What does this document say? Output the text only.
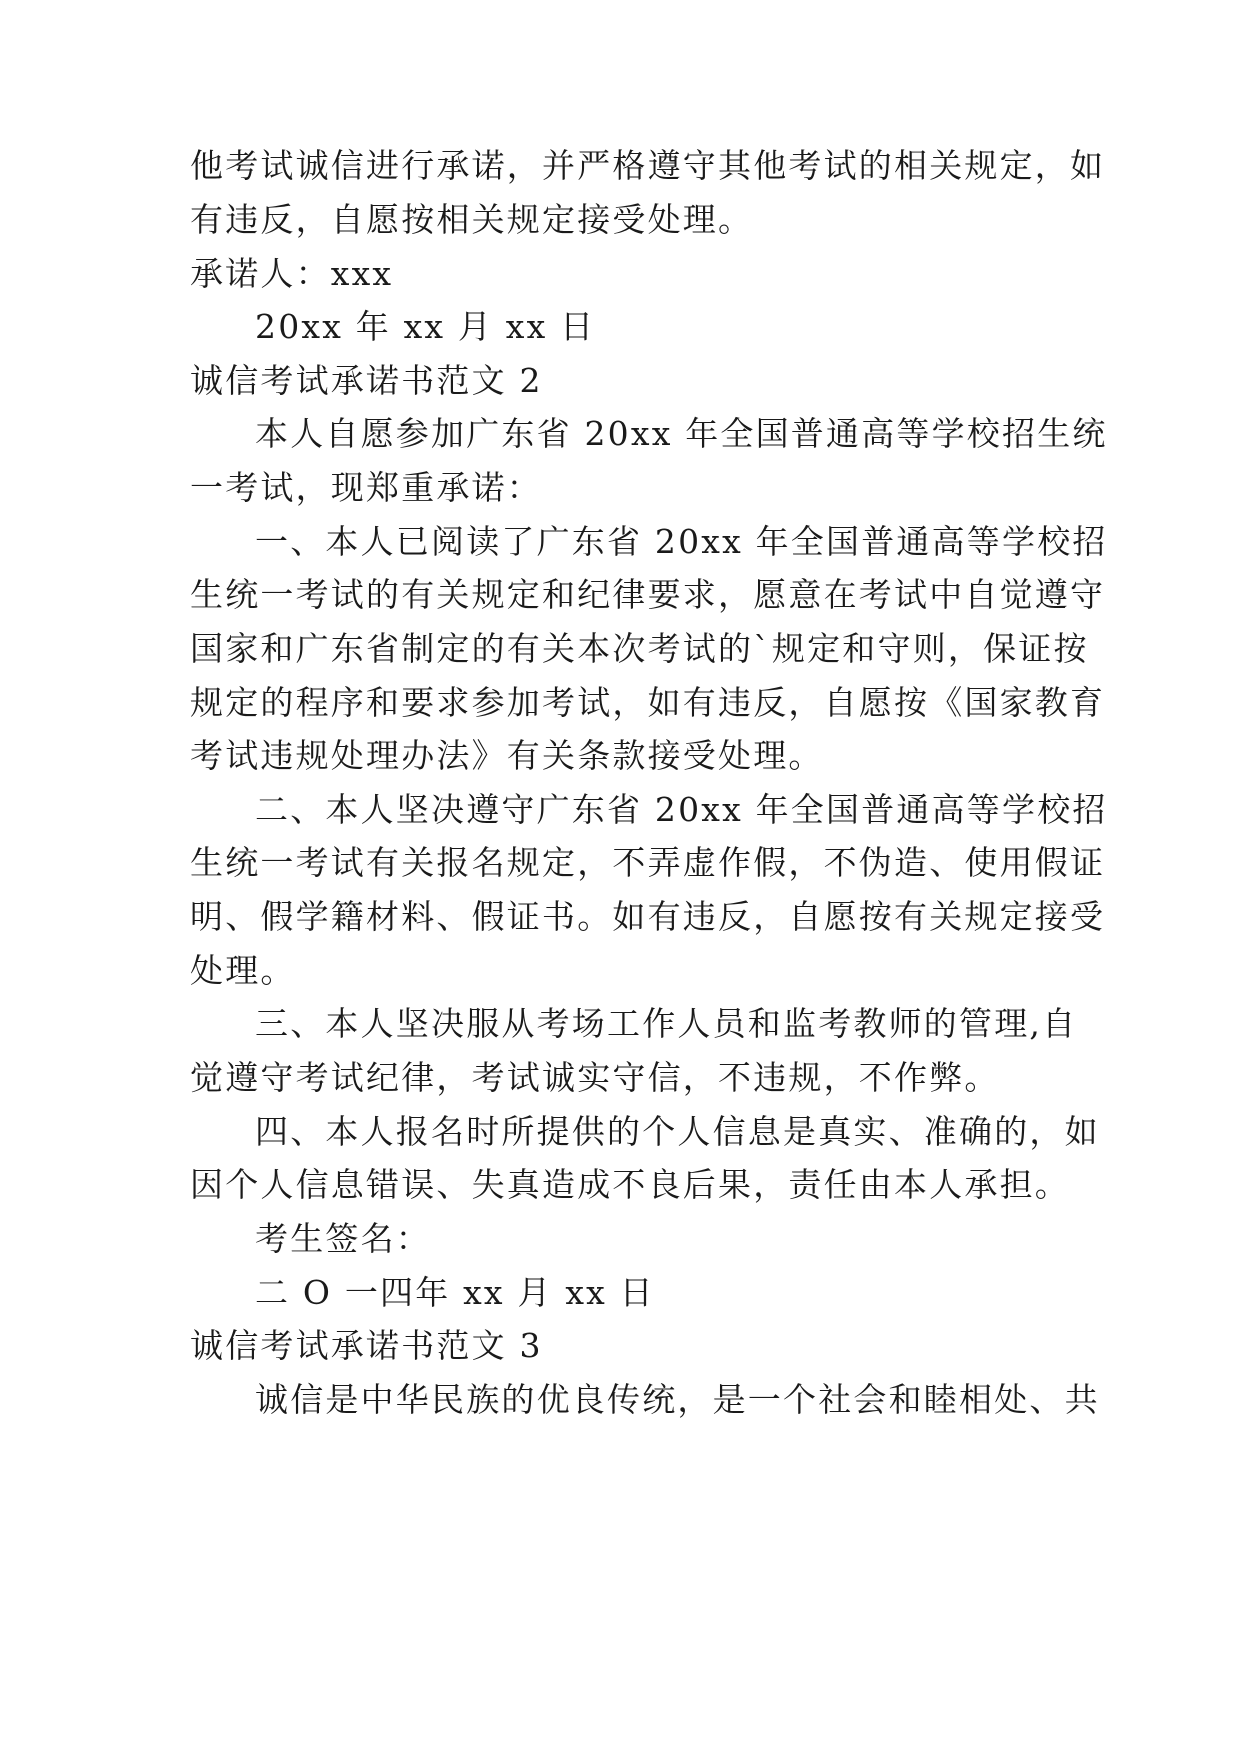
他考试诚信进行承诺，并严格遵守其他考试的相关规定，如

有违反，自愿按相关规定接受处理。

承诺人：xxx

20xx 年 xx 月 xx 日

诚信考试承诺书范文 2

本人自愿参加广东省 20xx 年全国普通高等学校招生统

一考试，现郑重承诺：

一、本人已阅读了广东省 20xx 年全国普通高等学校招

生统一考试的有关规定和纪律要求，愿意在考试中自觉遵守

国家和广东省制定的有关本次考试的`规定和守则，保证按

规定的程序和要求参加考试，如有违反，自愿按《国家教育

考试违规处理办法》有关条款接受处理。

二、本人坚决遵守广东省 20xx 年全国普通高等学校招

生统一考试有关报名规定，不弄虚作假，不伪造、使用假证

明、假学籍材料、假证书。如有违反，自愿按有关规定接受

处理。

三、本人坚决服从考场工作人员和监考教师的管理,自

觉遵守考试纪律，考试诚实守信，不违规，不作弊。

四、本人报名时所提供的个人信息是真实、准确的，如

因个人信息错误、失真造成不良后果，责任由本人承担。

考生签名：

二 O 一四年 xx 月 xx 日

诚信考试承诺书范文 3

诚信是中华民族的优良传统，是一个社会和睦相处、共
